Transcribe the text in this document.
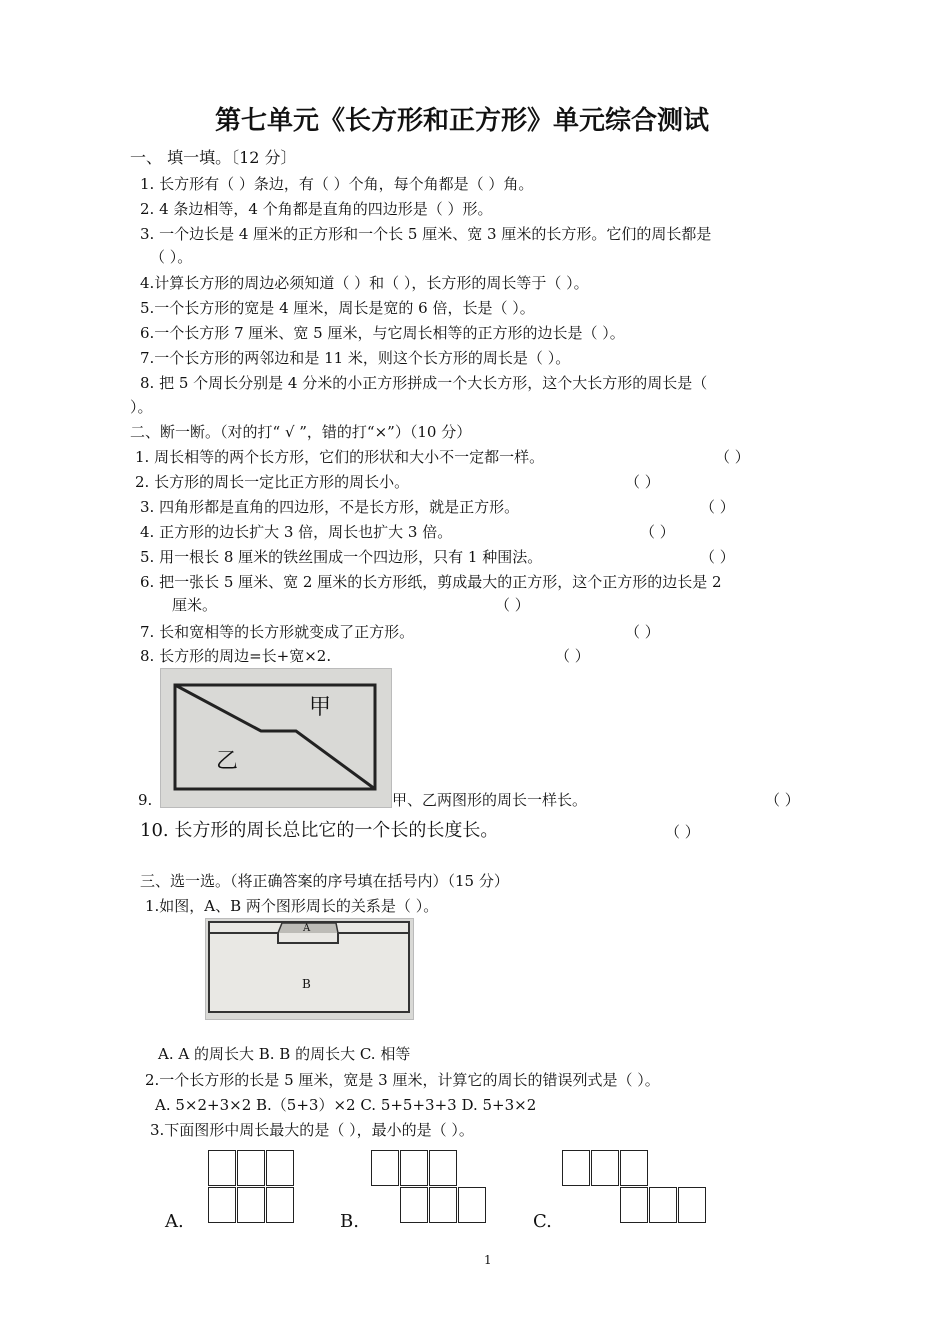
第七单元《长方形和正方形》单元综合测试
一、 填一填。〔12 分〕
1. 长方形有（ ）条边，有（ ）个角，每个角都是（ ）角。
2. 4 条边相等，4 个角都是直角的四边形是（ ）形。
3. 一个边长是 4 厘米的正方形和一个长 5 厘米、宽 3 厘米的长方形。它们的周长都是
（ ）。
4.计算长方形的周边必须知道（ ）和（ ），长方形的周长等于（ ）。
5.一个长方形的宽是 4 厘米，周长是宽的 6 倍，长是（ ）。
6.一个长方形 7 厘米、宽 5 厘米，与它周长相等的正方形的边长是（ ）。
7.一个长方形的两邻边和是 11 米，则这个长方形的周长是（ ）。
8. 把 5 个周长分别是 4 分米的小正方形拼成一个大长方形，这个大长方形的周长是（
）。
二、断一断。（对的打“ √ ”，错的打“×”）（10 分）
1. 周长相等的两个长方形，它们的形状和大小不一定都一样。	（ ）
2. 长方形的周长一定比正方形的周长小。	（ ）
3. 四角形都是直角的四边形，不是长方形，就是正方形。	（ ）
4. 正方形的边长扩大 3 倍，周长也扩大 3 倍。	（ ）
5. 用一根长 8 厘米的铁丝围成一个四边形，只有 1 种围法。	（ ）
6. 把一张长 5 厘米、宽 2 厘米的长方形纸，剪成最大的正方形，这个正方形的边长是 2
厘米。	（ ）
7. 长和宽相等的长方形就变成了正方形。	（ ）
8. 长方形的周边=长+宽×2.	（ ）
甲
乙
9.	甲、乙两图形的周长一样长。	（ ）
10. 长方形的周长总比它的一个长的长度长。	（ ）
三、选一选。（将正确答案的序号填在括号内）（15 分）
1.如图，A、B 两个图形周长的关系是（ ）。
A
B
A. A 的周长大 B. B 的周长大 C. 相等
2.一个长方形的长是 5 厘米，宽是 3 厘米，计算它的周长的错误列式是（ ）。
A. 5×2+3×2 B.（5+3）×2 C. 5+5+3+3 D. 5+3×2
3.下面图形中周长最大的是（ ），最小的是（ ）。
A.	B.	C.
1
